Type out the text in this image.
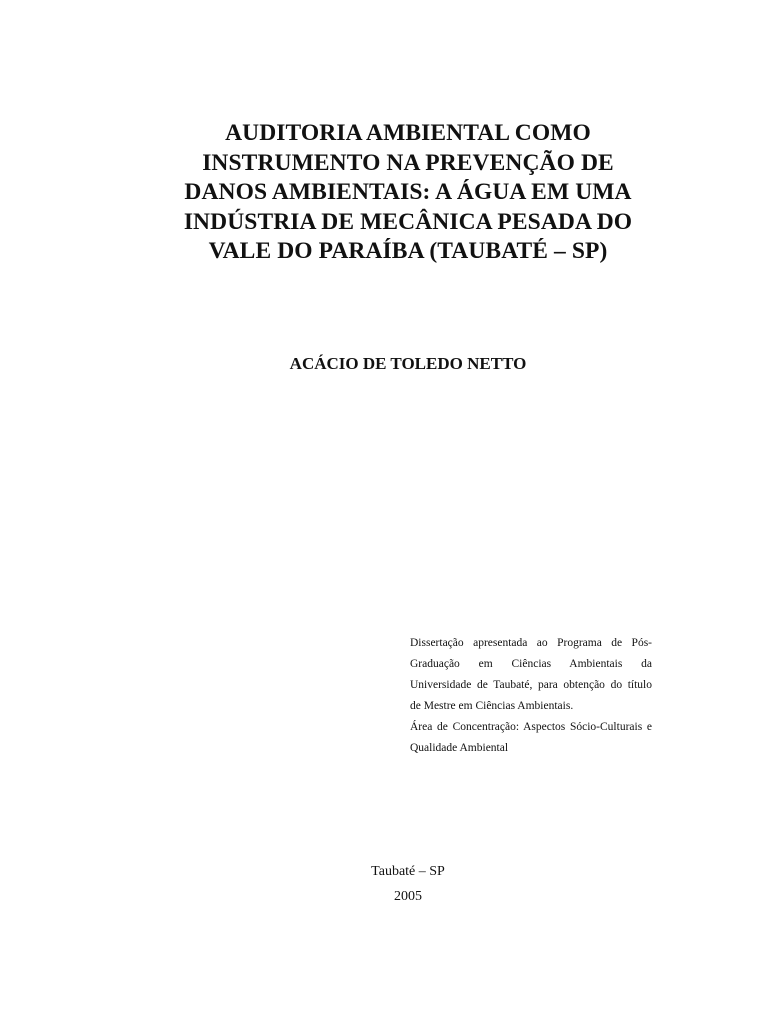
AUDITORIA AMBIENTAL COMO
INSTRUMENTO NA PREVENÇÃO DE
DANOS AMBIENTAIS: A ÁGUA EM UMA
INDÚSTRIA DE MECÂNICA PESADA DO
VALE DO PARAÍBA (TAUBATÉ – SP)
ACÁCIO DE TOLEDO NETTO
Dissertação apresentada ao Programa de Pós-
Graduação em Ciências Ambientais da
Universidade de Taubaté, para obtenção do título
de Mestre em Ciências Ambientais.
Área de Concentração: Aspectos Sócio-Culturais e
Qualidade Ambiental
Taubaté – SP
2005
